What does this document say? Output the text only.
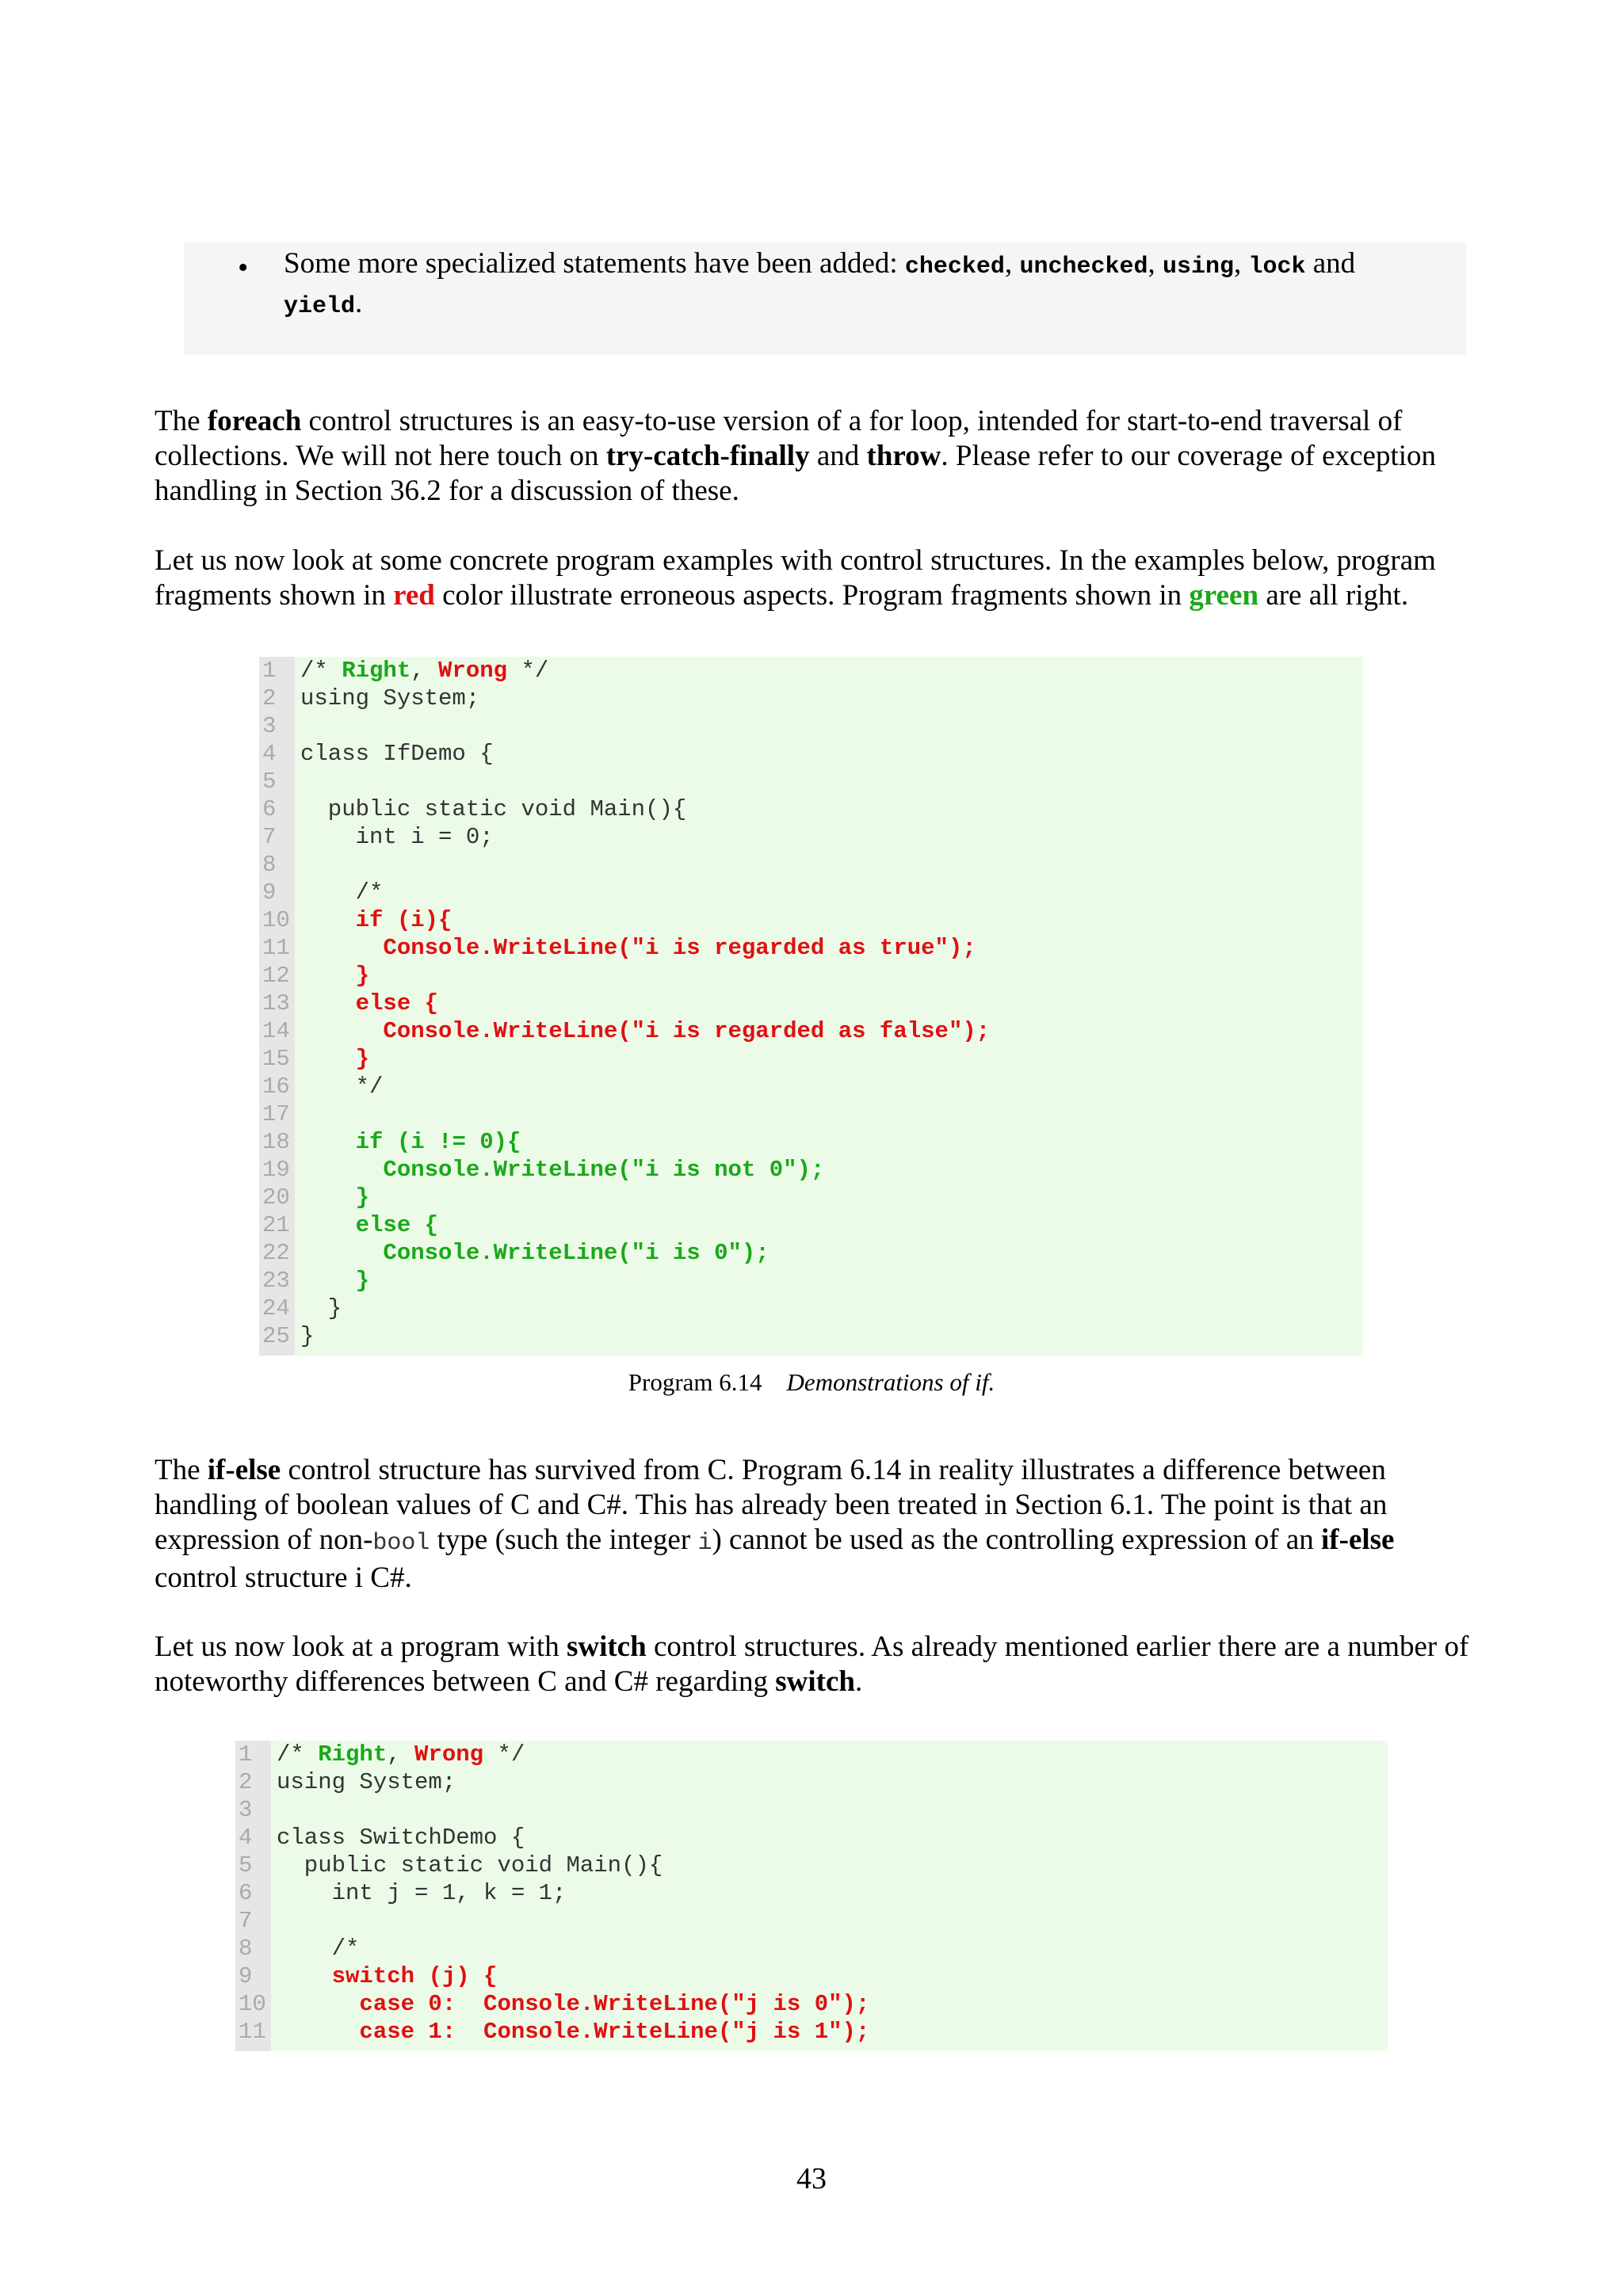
• Some more specialized statements have been added: checked, unchecked, using, lock and
yield.
The foreach control structures is an easy-to-use version of a for loop, intended for start-to-end traversal of collections. We will not here touch on try-catch-finally and throw. Please refer to our coverage of exception handling in Section 36.2 for a discussion of these.
Let us now look at some concrete program examples with control structures. In the examples below, program fragments shown in red color illustrate erroneous aspects. Program fragments shown in green are all right.
1 /* Right, Wrong */
2 using System;
3
4 class IfDemo {
5
6 public static void Main(){
7 int i = 0;
8
9 /*
10	if (i){
11	Console.WriteLine("i is regarded as true");
12	}
13	else {
14	Console.WriteLine("i is regarded as false");
15	}
16 */
17
18	if (i != 0){
19	Console.WriteLine("i is not 0");
20	}
21	else {
22	Console.WriteLine("i is 0");
23	}
24 }
25 }
Program 6.14 Demonstrations of if.
The if-else control structure has survived from C. Program 6.14 in reality illustrates a difference between handling of boolean values of C and C#. This has already been treated in Section 6.1. The point is that an expression of non-bool type (such the integer i) cannot be used as the controlling expression of an if-else control structure i C#.
Let us now look at a program with switch control structures. As already mentioned earlier there are a number of noteworthy differences between C and C# regarding switch.
1 /* Right, Wrong */
2 using System;
3
4 class SwitchDemo {
5 public static void Main(){
6 int j = 1, k = 1;
7
8 /*
9	switch (j) {
10	case 0:  Console.WriteLine("j is 0");
11	case 1:  Console.WriteLine("j is 1");
43
